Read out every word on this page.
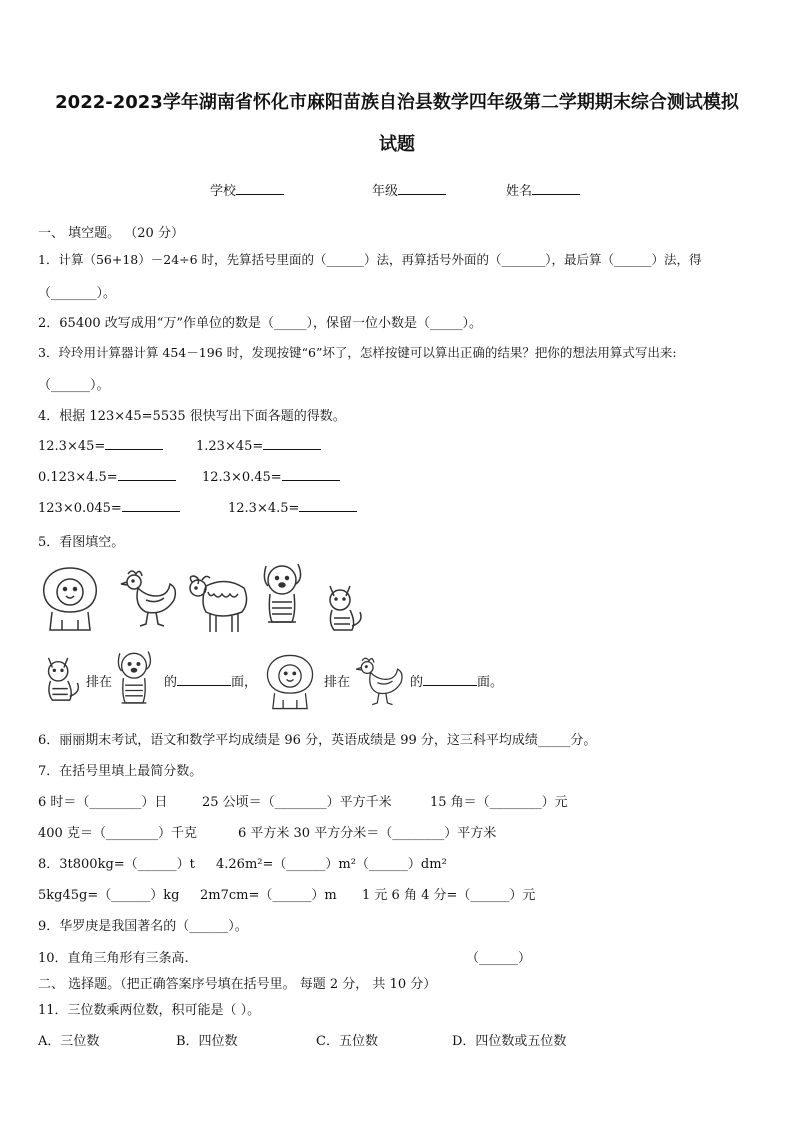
2022-2023学年湖南省怀化市麻阳苗族自治县数学四年级第二学期期末综合测试模拟
试题
学校	年级	姓名
一、 填空题。 （20 分）
1．计算（56+18）－24÷6 时，先算括号里面的（______）法，再算括号外面的（_______），最后算（______）法，得
（_______）。
2．65400 改写成用“万”作单位的数是（_____），保留一位小数是（_____）。
3．玲玲用计算器计算 454－196 时，发现按键“6”坏了，怎样按键可以算出正确的结果？把你的想法用算式写出来:
（______）。
4．根据 123×45=5535 很快写出下面各题的得数。
12.3×45=	1.23×45=
0.123×4.5=	12.3×0.45=
123×0.045=	12.3×4.5=
5．看图填空。
排在	的	面，	排在	的	面。
6．丽丽期末考试，语文和数学平均成绩是 96 分，英语成绩是 99 分，这三科平均成绩_____分。
7．在括号里填上最简分数。
6 时＝（________）日	25 公顷＝（________）平方千米	15 角＝（________）元
400 克＝（________）千克	6 平方米 30 平方分米＝（________）平方米
8．3t800kg=（______）t 4.26m²=（______）m²（______）dm²
5kg45g=（______）kg 2m7cm=（______）m 1 元 6 角 4 分=（______）元
9．华罗庚是我国著名的（______）。
10．直角三角形有三条高.	（______）
二、 选择题。（把正确答案序号填在括号里。 每题 2 分， 共 10 分）
11．三位数乘两位数，积可能是（ ）。
A．三位数	B．四位数	C．五位数	D．四位数或五位数
